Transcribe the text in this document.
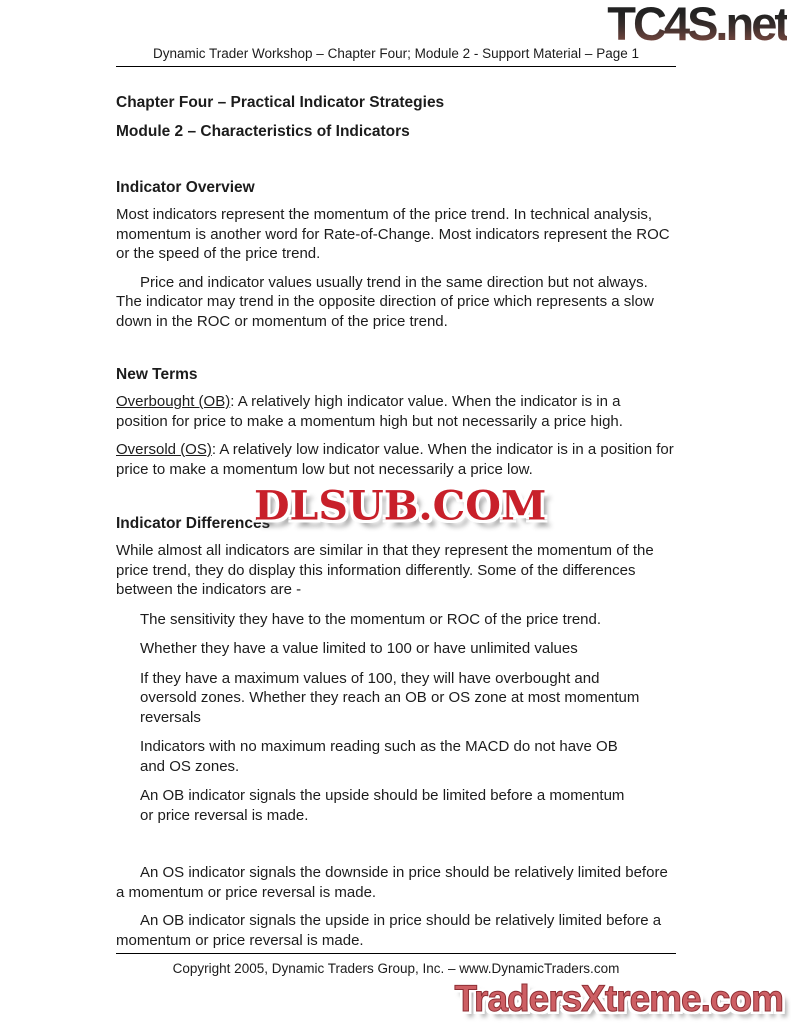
TC4S.net
Dynamic Trader Workshop – Chapter Four; Module 2 - Support Material – Page 1
Chapter Four – Practical Indicator Strategies
Module 2 – Characteristics of Indicators
Indicator Overview
Most indicators represent the momentum of the price trend. In technical analysis, momentum is another word for Rate-of-Change. Most indicators represent the ROC or the speed of the price trend.
Price and indicator values usually trend in the same direction but not always. The indicator may trend in the opposite direction of price which represents a slow down in the ROC or momentum of the price trend.
New Terms
Overbought (OB): A relatively high indicator value. When the indicator is in a position for price to make a momentum high but not necessarily a price high.
Oversold (OS): A relatively low indicator value. When the indicator is in a position for price to make a momentum low but not necessarily a price low.
Indicator Differences
While almost all indicators are similar in that they represent the momentum of the price trend, they do display this information differently. Some of the differences between the indicators are -
The sensitivity they have to the momentum or ROC of the price trend.
Whether they have a value limited to 100 or have unlimited values
If they have a maximum values of 100, they will have overbought and oversold zones. Whether they reach an OB or OS zone at most momentum reversals
Indicators with no maximum reading such as the MACD do not have OB and OS zones.
An OB indicator signals the upside should be limited before a momentum or price reversal is made.
An OS indicator signals the downside in price should be relatively limited before a momentum or price reversal is made.
An OB indicator signals the upside in price should be relatively limited before a momentum or price reversal is made.
DLSUB.COM
Copyright 2005, Dynamic Traders Group, Inc. – www.DynamicTraders.com
TradersXtreme.com
